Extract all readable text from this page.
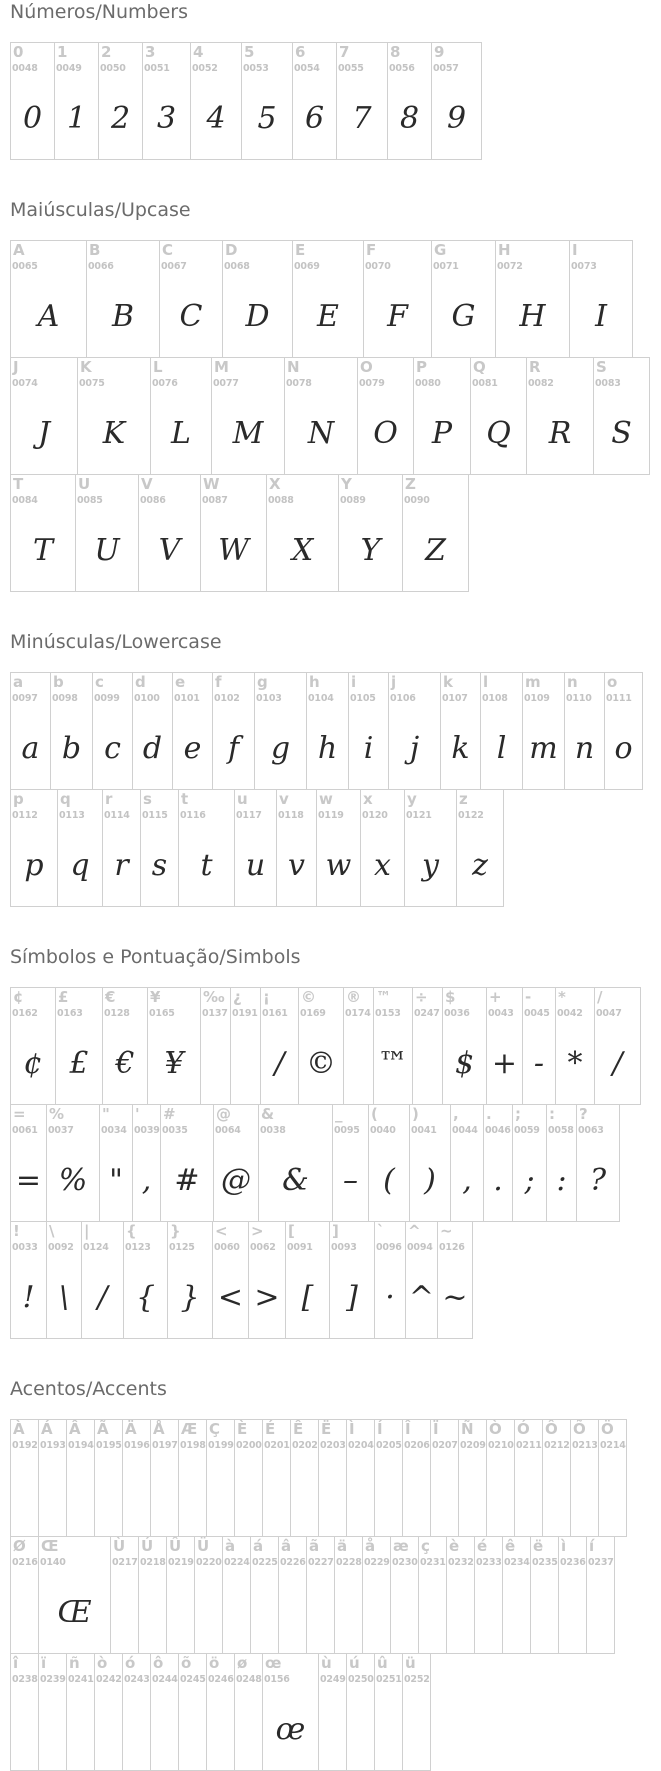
Números/Numbers
0
0048
0
1
0049
1
2
0050
2
3
0051
3
4
0052
4
5
0053
5
6
0054
6
7
0055
7
8
0056
8
9
0057
9
Maiúsculas/Upcase
A
0065
A
B
0066
B
C
0067
C
D
0068
D
E
0069
E
F
0070
F
G
0071
G
H
0072
H
I
0073
I
J
0074
J
K
0075
K
L
0076
L
M
0077
M
N
0078
N
O
0079
O
P
0080
P
Q
0081
Q
R
0082
R
S
0083
S
T
0084
T
U
0085
U
V
0086
V
W
0087
W
X
0088
X
Y
0089
Y
Z
0090
Z
Minúsculas/Lowercase
a
0097
a
b
0098
b
c
0099
c
d
0100
d
e
0101
e
f
0102
f
g
0103
g
h
0104
h
i
0105
i
j
0106
j
k
0107
k
l
0108
l
m
0109
m
n
0110
n
o
0111
o
p
0112
p
q
0113
q
r
0114
r
s
0115
s
t
0116
t
u
0117
u
v
0118
v
w
0119
w
x
0120
x
y
0121
y
z
0122
z
Símbolos e Pontuação/Simbols
¢
0162
¢
£
0163
£
€
0128
€
¥
0165
¥
‰
0137
¿
0191
¡
0161
/
©
0169
©
®
0174
™
0153
™
÷
0247
$
0036
$
+
0043
+
-
0045
-
*
0042
*
/
0047
/
=
0061
=
%
0037
%
"
0034
"
'
0039
,
#
0035
#
@
0064
@
&
0038
&
_
0095
–
(
0040
(
)
0041
)
,
0044
,
.
0046
.
;
0059
;
:
0058
:
?
0063
?
!
0033
!
\
0092
\
|
0124
/
{
0123
{
}
0125
}
<
0060
<
>
0062
>
[
0091
[
]
0093
]
`
0096
·
^
0094
^
~
0126
~
Acentos/Accents
À
0192
Á
0193
Â
0194
Ã
0195
Ä
0196
Å
0197
Æ
0198
Ç
0199
È
0200
É
0201
Ê
0202
Ë
0203
Ì
0204
Í
0205
Î
0206
Ï
0207
Ñ
0209
Ò
0210
Ó
0211
Ô
0212
Õ
0213
Ö
0214
Ø
0216
Œ
0140
Œ
Ù
0217
Ú
0218
Û
0219
Ü
0220
à
0224
á
0225
â
0226
ã
0227
ä
0228
å
0229
æ
0230
ç
0231
è
0232
é
0233
ê
0234
ë
0235
ì
0236
í
0237
î
0238
ï
0239
ñ
0241
ò
0242
ó
0243
ô
0244
õ
0245
ö
0246
ø
0248
œ
0156
œ
ù
0249
ú
0250
û
0251
ü
0252
